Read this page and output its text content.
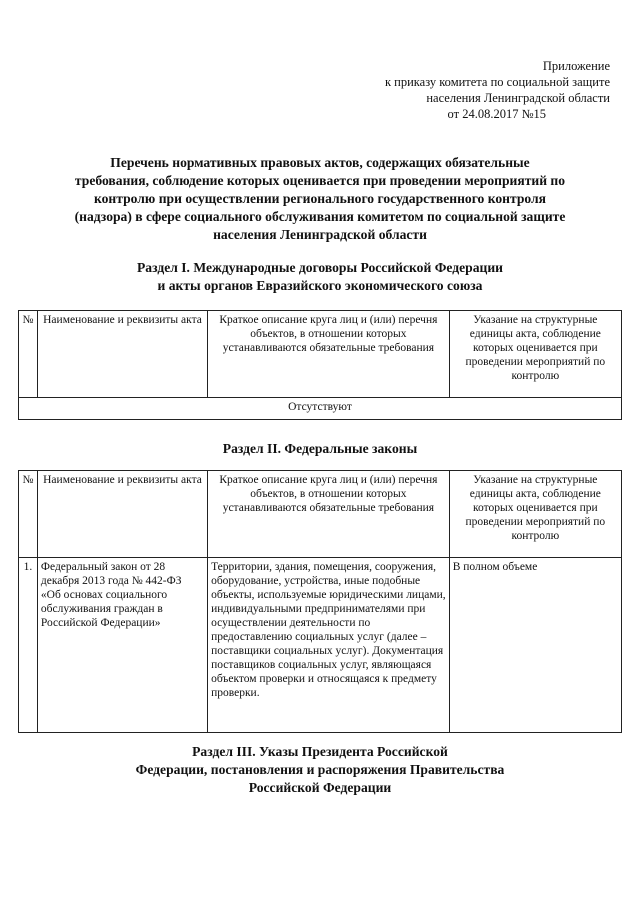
Приложение
к приказу комитета по социальной защите
населения Ленинградской области
от 24.08.2017 №15
Перечень нормативных правовых актов, содержащих обязательные
требования, соблюдение которых оценивается при проведении мероприятий по
контролю при осуществлении регионального государственного контроля
(надзора) в сфере социального обслуживания комитетом по социальной защите
населения Ленинградской области
Раздел I. Международные договоры Российской Федерации
и акты органов Евразийского экономического союза
№	Наименование и реквизиты акта	Краткое описание круга лиц и (или) перечня объектов, в отношении которых устанавливаются обязательные требования	Указание на структурные единицы акта, соблюдение которых оценивается при проведении мероприятий по контролю
Отсутствуют
Раздел II. Федеральные законы
№	Наименование и реквизиты акта	Краткое описание круга лиц и (или) перечня объектов, в отношении которых устанавливаются обязательные требования	Указание на структурные единицы акта, соблюдение которых оценивается при проведении мероприятий по контролю
1.	Федеральный закон от 28 декабря 2013 года № 442-ФЗ «Об основах социального обслуживания граждан в Российской Федерации»	Территории, здания, помещения, сооружения, оборудование, устройства, иные подобные объекты, используемые юридическими лицами, индивидуальными предпринимателями при осуществлении деятельности по предоставлению социальных услуг (далее – поставщики социальных услуг). Документация поставщиков социальных услуг, являющаяся объектом проверки и относящаяся к предмету проверки.	В полном объеме
Раздел III. Указы Президента Российской
Федерации, постановления и распоряжения Правительства
Российской Федерации
